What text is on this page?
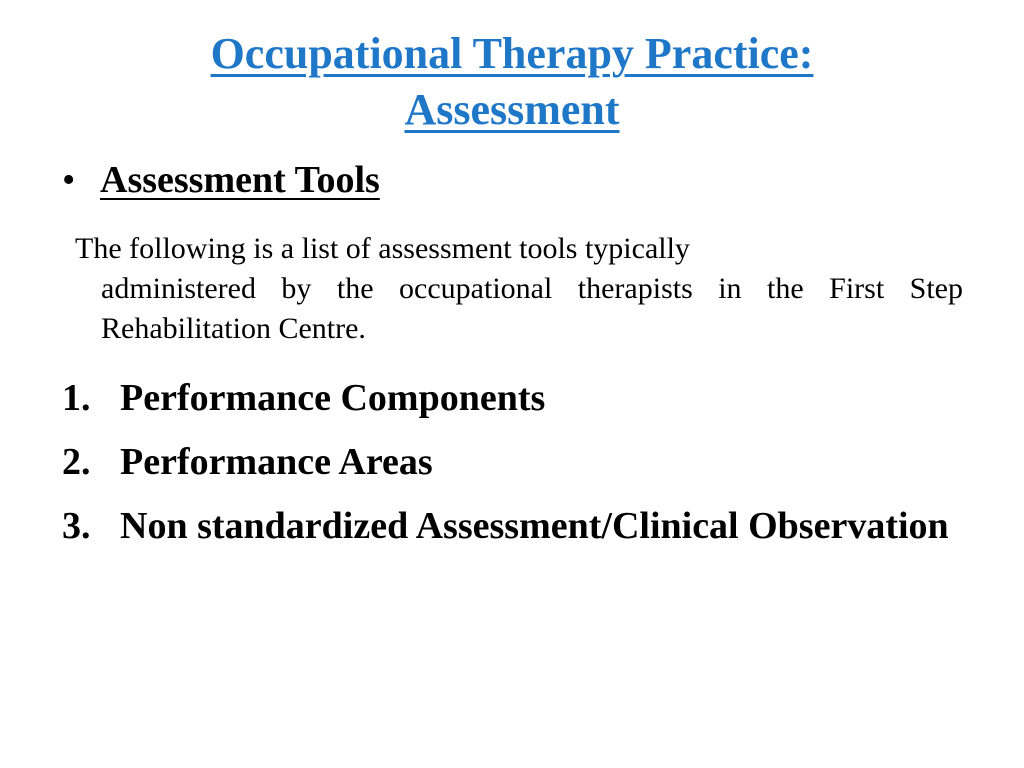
Occupational Therapy Practice:
Assessment
• Assessment Tools
The following is a list of assessment tools typically
administered by the occupational therapists in the First Step Rehabilitation Centre.
1. Performance Components
2. Performance Areas
3. Non standardized Assessment/Clinical Observation
